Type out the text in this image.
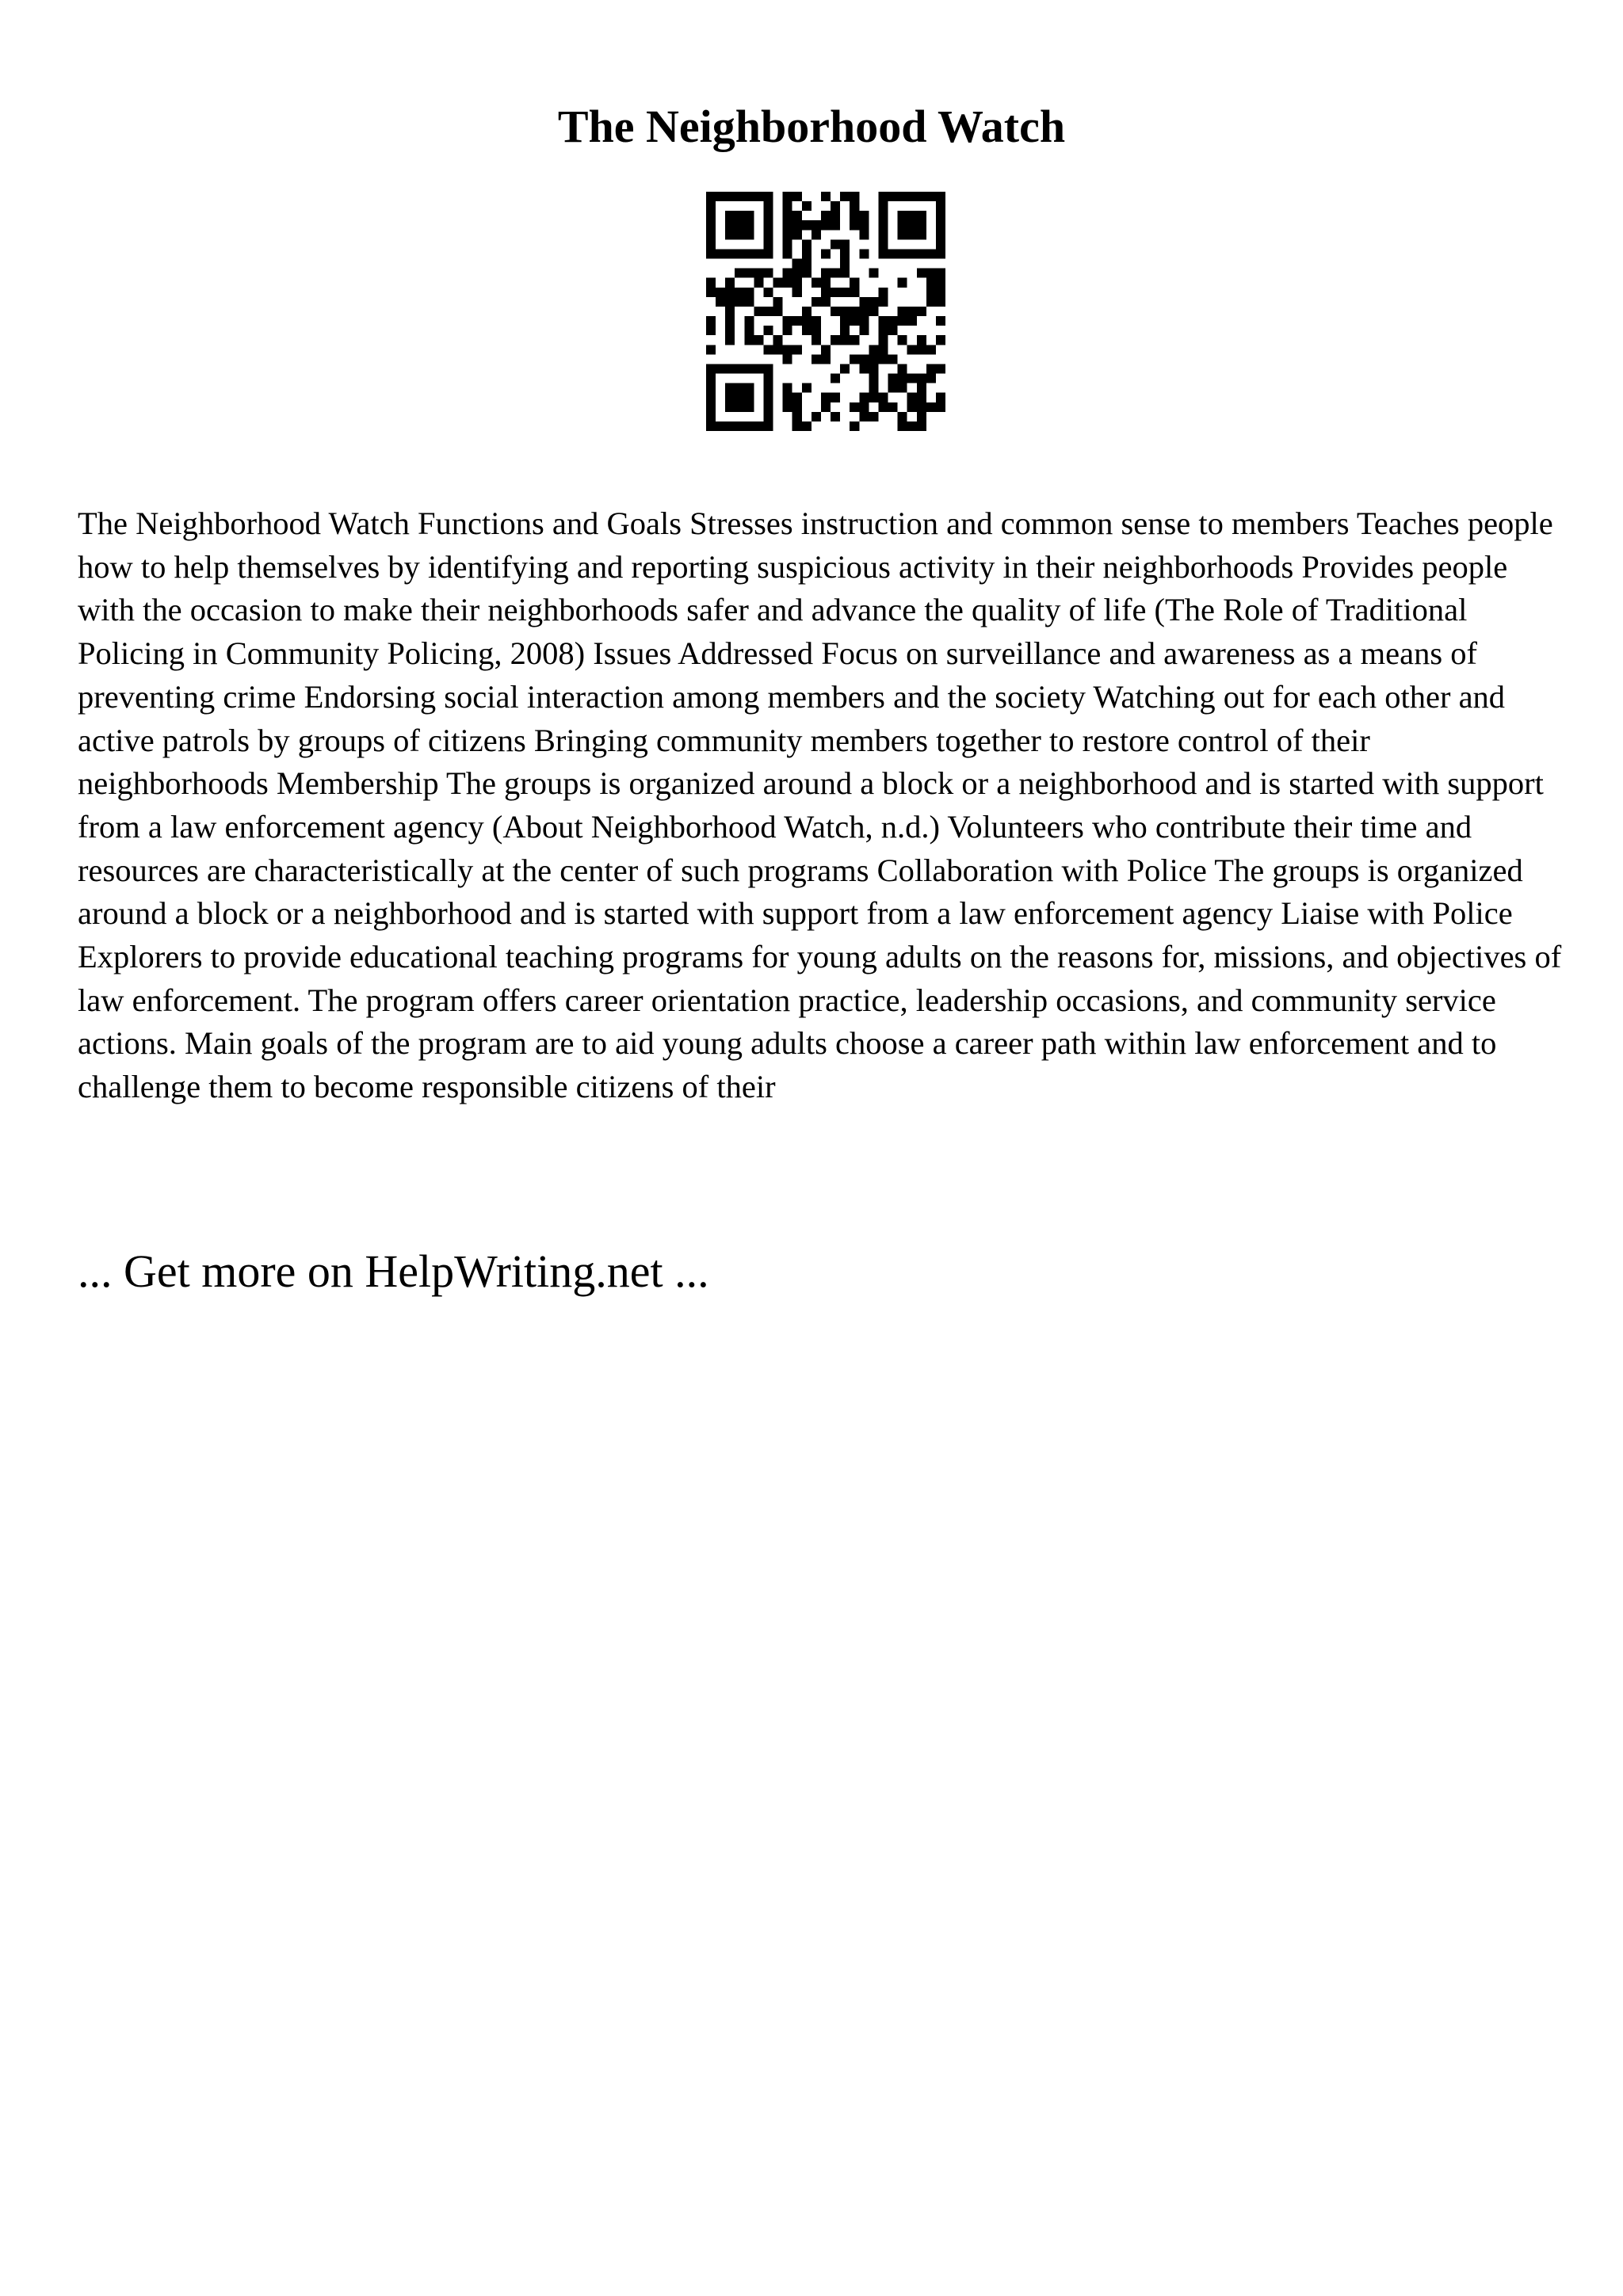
The Neighborhood Watch

The Neighborhood Watch Functions and Goals Stresses instruction and common sense to members Teaches people how to help themselves by identifying and reporting suspicious activity in their neighborhoods Provides people with the occasion to make their neighborhoods safer and advance the quality of life (The Role of Traditional Policing in Community Policing, 2008) Issues Addressed Focus on surveillance and awareness as a means of preventing crime Endorsing social interaction among members and the society Watching out for each other and active patrols by groups of citizens Bringing community members together to restore control of their neighborhoods Membership The groups is organized around a block or a neighborhood and is started with support from a law enforcement agency (About Neighborhood Watch, n.d.) Volunteers who contribute their time and resources are characteristically at the center of such programs Collaboration with Police The groups is organized around a block or a neighborhood and is started with support from a law enforcement agency Liaise with Police Explorers to provide educational teaching programs for young adults on the reasons for, missions, and objectives of law enforcement. The program offers career orientation practice, leadership occasions, and community service actions. Main goals of the program are to aid young adults choose a career path within law enforcement and to challenge them to become responsible citizens of their

... Get more on HelpWriting.net ...
